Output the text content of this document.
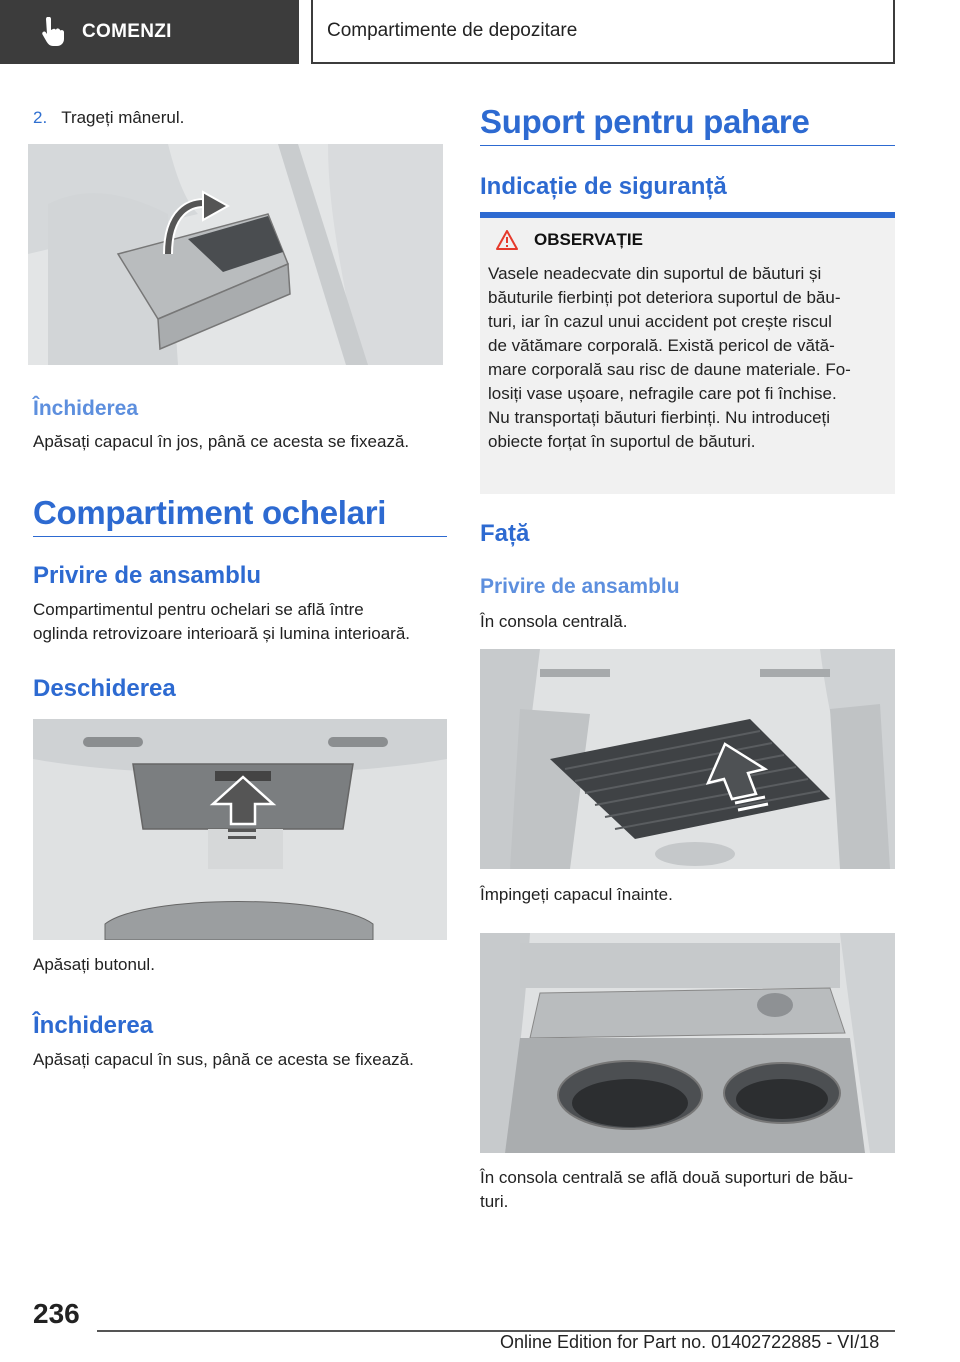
COMENZI	Compartimente de depozitare
2. Trageți mânerul.
Închiderea
Apăsați capacul în jos, până ce acesta se fixează.
Compartiment ochelari
Privire de ansamblu
Compartimentul pentru ochelari se află între
oglinda retrovizoare interioară și lumina interioară.
Deschiderea
Apăsați butonul.
Închiderea
Apăsați capacul în sus, până ce acesta se fixează.
Suport pentru pahare
Indicație de siguranță
OBSERVAȚIE
Vasele neadecvate din suportul de băuturi și
băuturile fierbinți pot deteriora suportul de bău-
turi, iar în cazul unui accident pot crește riscul
de vătămare corporală. Există pericol de vătă-
mare corporală sau risc de daune materiale. Fo-
losiți vase ușoare, nefragile care pot fi închise.
Nu transportați băuturi fierbinți. Nu introduceți
obiecte forțat în suportul de băuturi.
Față
Privire de ansamblu
În consola centrală.
Împingeți capacul înainte.
În consola centrală se află două suporturi de bău-
turi.
236
Online Edition for Part no. 01402722885 - VI/18
